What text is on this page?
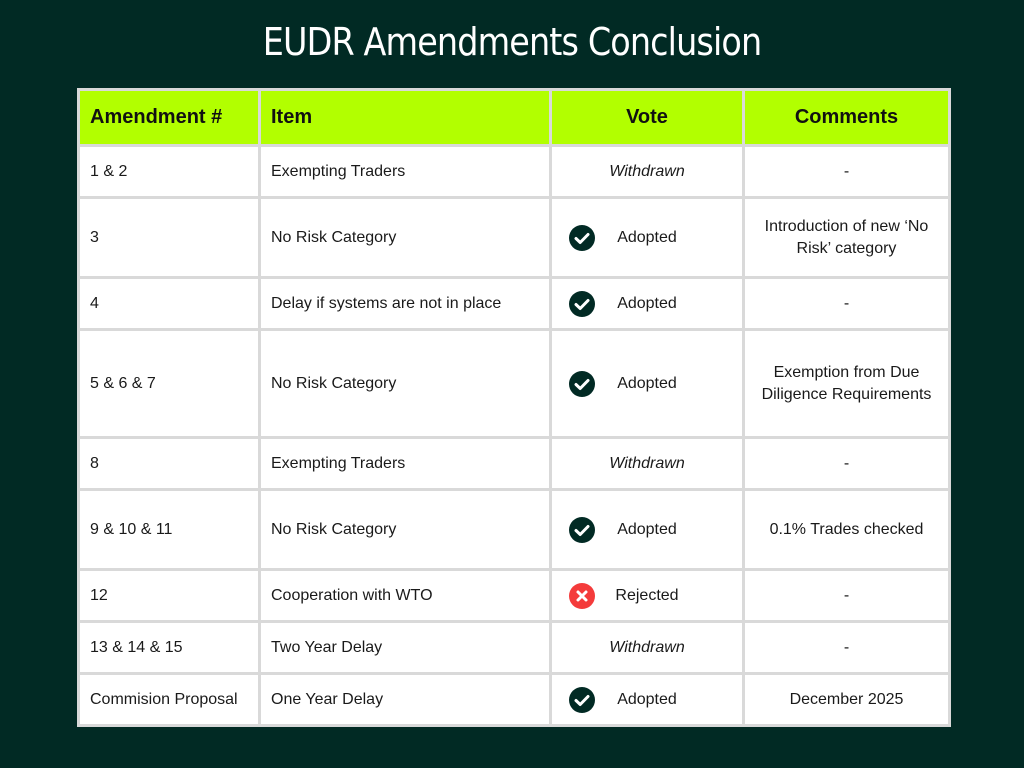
EUDR Amendments Conclusion
Amendment #	Item	Vote	Comments
1 & 2	Exempting Traders	Withdrawn	-
3	No Risk Category	Adopted	Introduction of new ‘No Risk’ category
4	Delay if systems are not in place	Adopted	-
5 & 6 & 7	No Risk Category	Adopted	Exemption from Due Diligence Requirements
8	Exempting Traders	Withdrawn	-
9 & 10 & 11	No Risk Category	Adopted	0.1% Trades checked
12	Cooperation with WTO	Rejected	-
13 & 14 & 15	Two Year Delay	Withdrawn	-
Commision Proposal	One Year Delay	Adopted	December 2025
